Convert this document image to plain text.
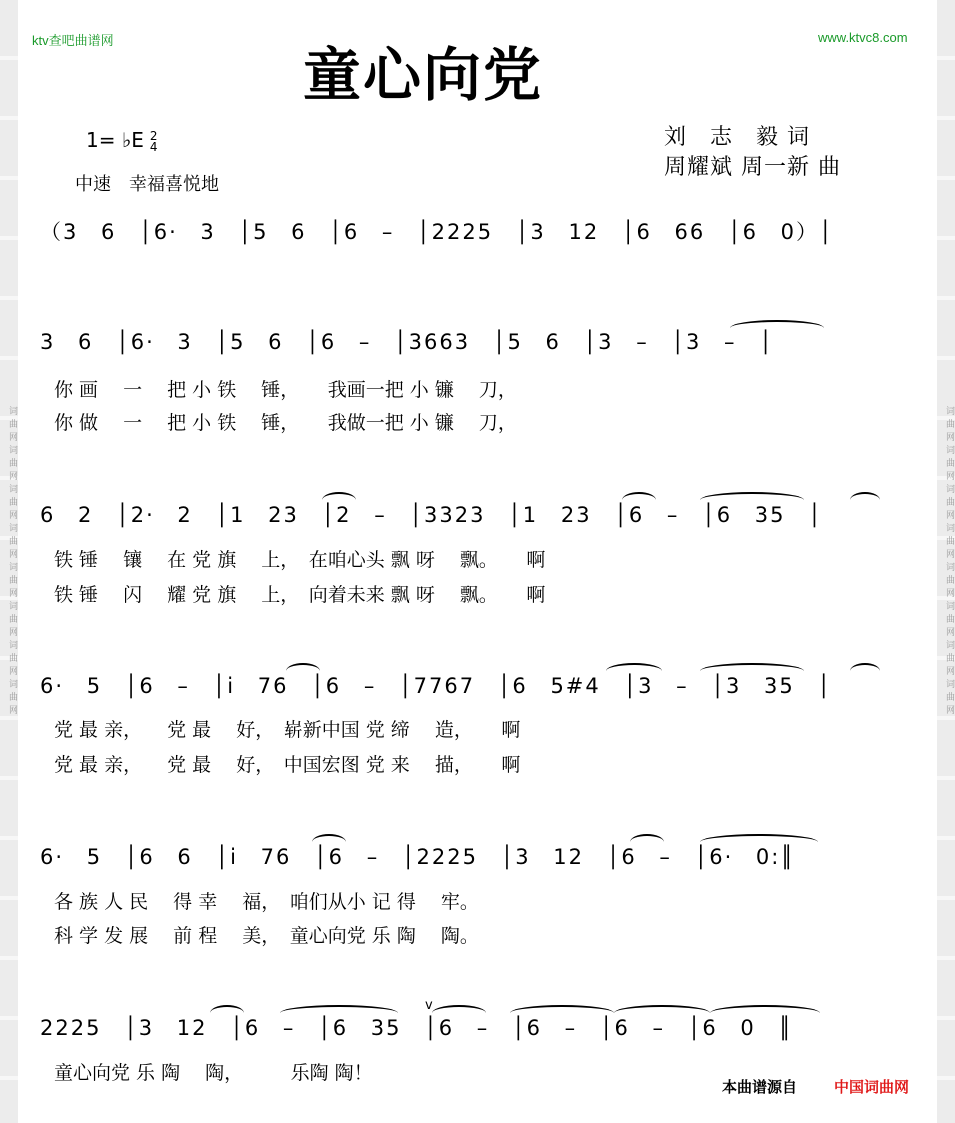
词曲网词曲网词曲网词曲网词曲网词曲网词曲网词曲网	词曲网词曲网词曲网词曲网词曲网词曲网词曲网词曲网
ktv查吧曲谱网	www.ktvc8.com
童心向党
1= ♭E 2
4
中速　幸福喜悦地
刘　志　毅 词
周耀斌 周一新 曲
（3 6 │6· 3 │5 6 │6 – │2225 │3 12 │6 66 │6 0）│
3 6 │6· 3 │5 6 │6 – │3663 │5 6 │3 – │3 – │
你 画 　一 　把 小 铁 　锤，　　我画一把 小 镰 　刀，
你 做 　一 　把 小 铁 　锤，　　我做一把 小 镰 　刀，
6 2 │2· 2 │1 23 │2 – │3323 │1 23 │6 – │6 35 │
铁 锤 　镶 　在 党 旗 　上，　在咱心头 飘 呀 　飘。　　啊
铁 锤 　闪 　耀 党 旗 　上，　向着未来 飘 呀 　飘。　　啊
6· 5 │6 – │i 76 │6 – │7767 │6 5#4 │3 – │3 35 │
党 最 亲， 　党 最 　好，　崭新中国 党 缔 　造，　　啊
党 最 亲， 　党 最 　好，　中国宏图 党 来 　描，　　啊
6· 5 │6 6 │i 76 │6 – │2225 │3 12 │6 – │6· 0:║
各 族 人 民 　得 幸 　福，　咱们从小 记 得 　牢。
科 学 发 展 　前 程 　美，　童心向党 乐 陶 　陶。
v
2225 │3 12 │6 – │6 35 │6 – │6 – │6 – │6 0 ║
童心向党 乐 陶 　陶，　　　乐陶 陶！
本曲谱源自 中国词曲网
